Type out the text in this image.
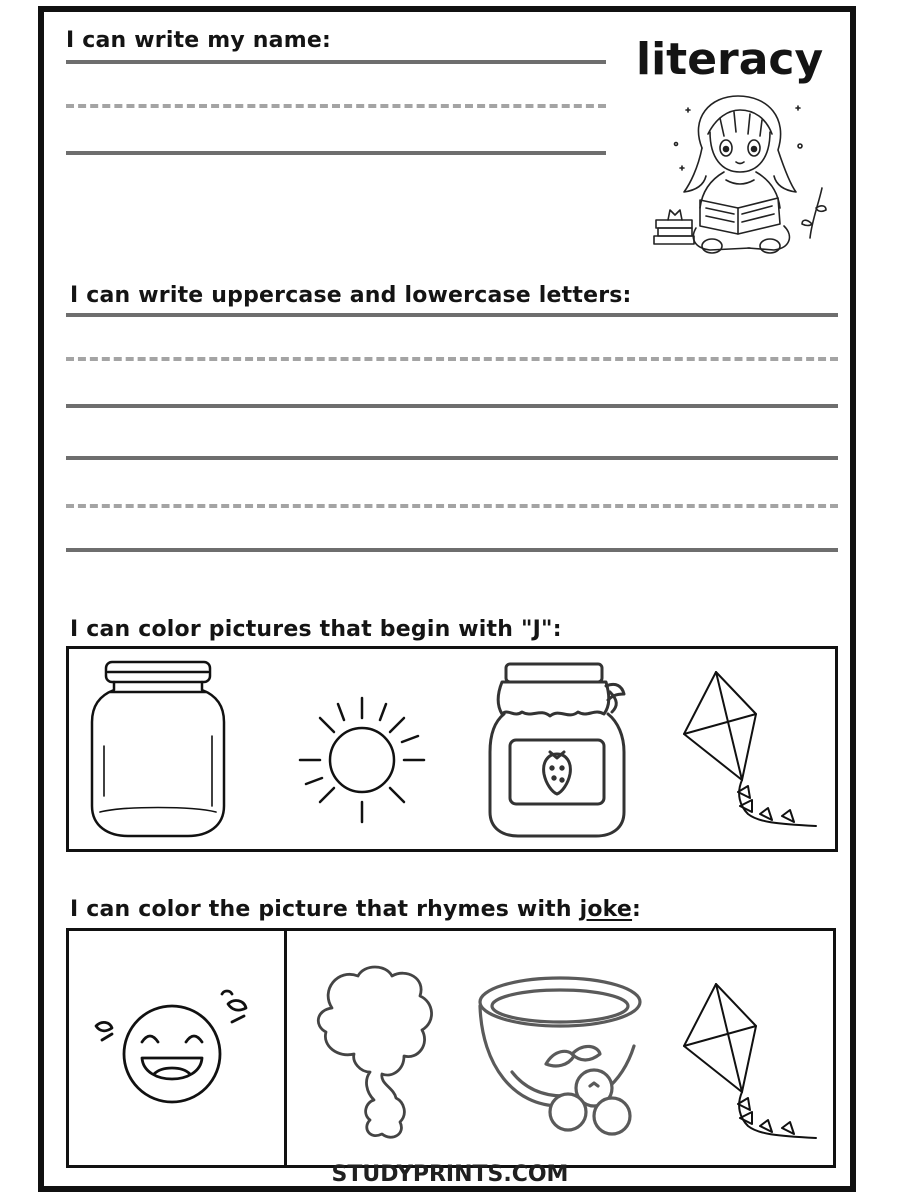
I can write my name:	literacy
I can write uppercase and lowercase letters:
I can color pictures that begin with "J":
I can color the picture that rhymes with joke:
STUDYPRINTS.COM
